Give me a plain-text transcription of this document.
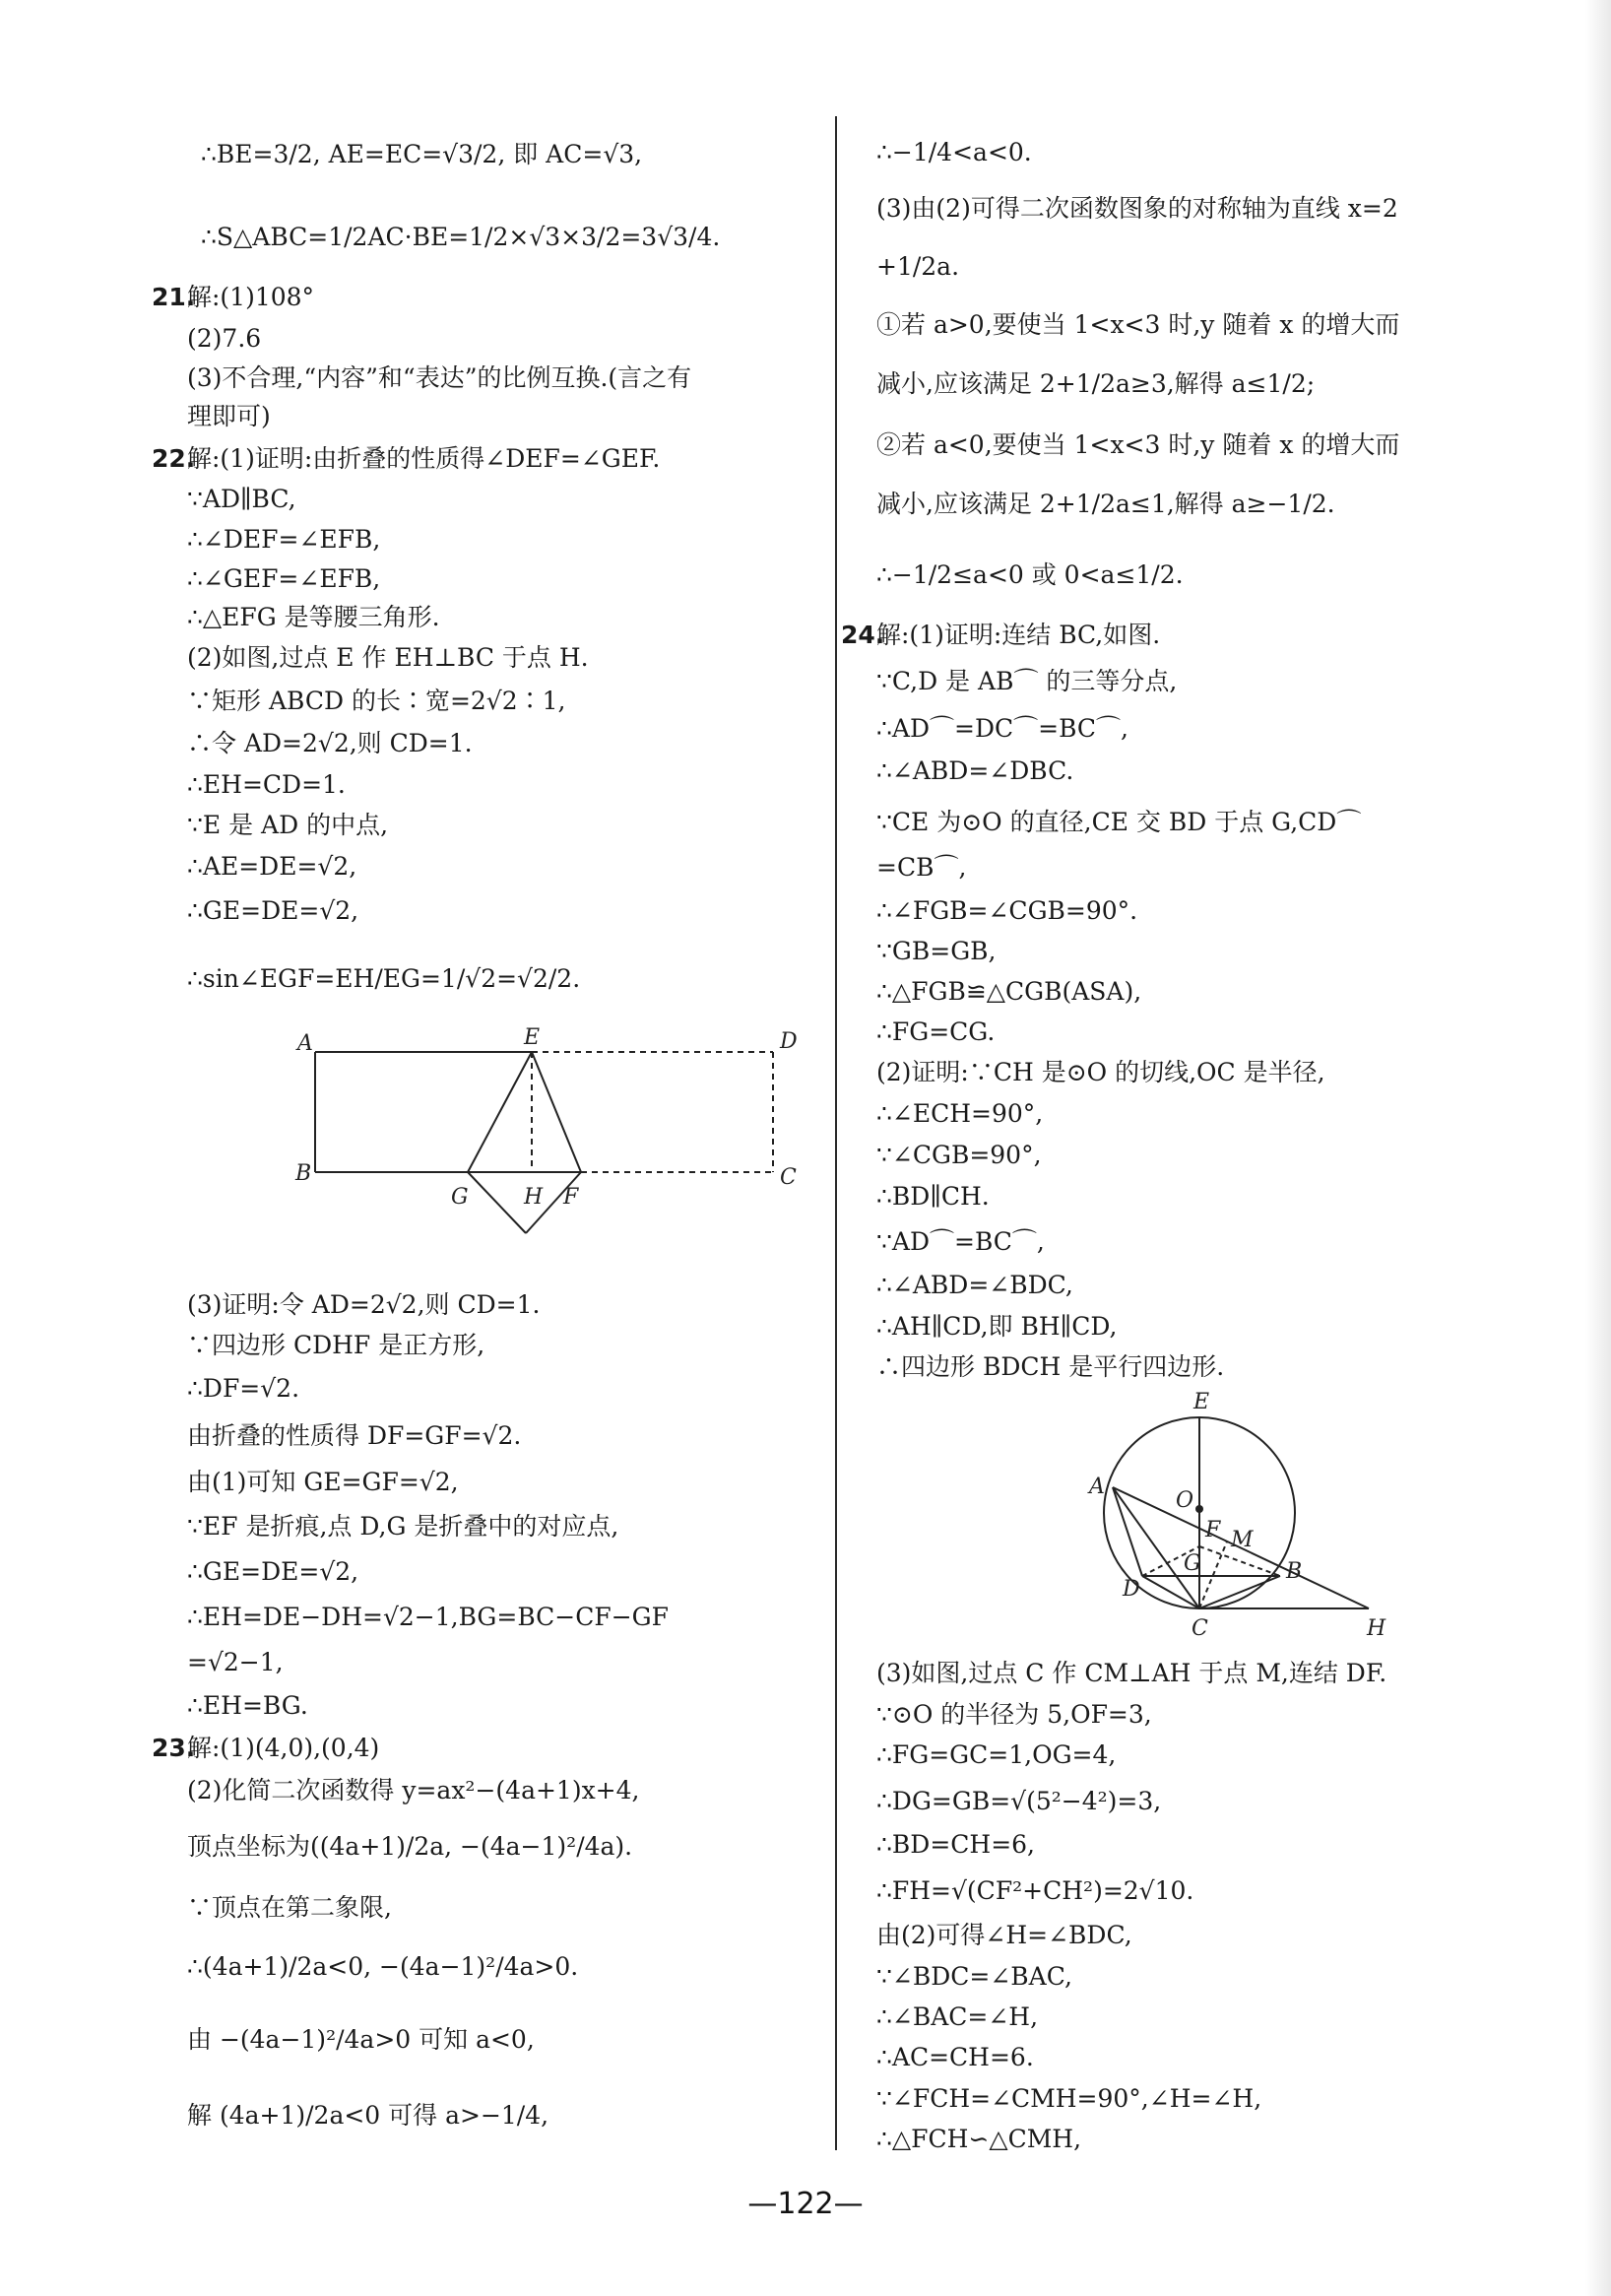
∴BE=3/2, AE=EC=√3/2, 即 AC=√3,
∴S△ABC=1/2AC·BE=1/2×√3×3/2=3√3/4.
21.
解:(1)108°
(2)7.6
(3)不合理,“内容”和“表达”的比例互换.(言之有
理即可)
22.
解:(1)证明:由折叠的性质得∠DEF=∠GEF.
∵AD∥BC,
∴∠DEF=∠EFB,
∴∠GEF=∠EFB,
∴△EFG 是等腰三角形.
(2)如图,过点 E 作 EH⊥BC 于点 H.
∵矩形 ABCD 的长∶宽=2√2∶1,
∴令 AD=2√2,则 CD=1.
∴EH=CD=1.
∵E 是 AD 的中点,
∴AE=DE=√2,
∴GE=DE=√2,
∴sin∠EGF=EH/EG=1/√2=√2/2.
A	E	D
B
G	H F
C
(3)证明:令 AD=2√2,则 CD=1.
∵四边形 CDHF 是正方形,
∴DF=√2.
由折叠的性质得 DF=GF=√2.
由(1)可知 GE=GF=√2,
∵EF 是折痕,点 D,G 是折叠中的对应点,
∴GE=DE=√2,
∴EH=DE−DH=√2−1,BG=BC−CF−GF
=√2−1,
∴EH=BG.
23.
解:(1)(4,0),(0,4)
(2)化简二次函数得 y=ax²−(4a+1)x+4,
顶点坐标为((4a+1)/2a, −(4a−1)²/4a).
∵顶点在第二象限,
∴(4a+1)/2a<0, −(4a−1)²/4a>0.
由 −(4a−1)²/4a>0 可知 a<0,
解 (4a+1)/2a<0 可得 a>−1/4,
∴−1/4<a<0.
(3)由(2)可得二次函数图象的对称轴为直线 x=2
+1/2a.
①若 a>0,要使当 1<x<3 时,y 随着 x 的增大而
减小,应该满足 2+1/2a≥3,解得 a≤1/2;
②若 a<0,要使当 1<x<3 时,y 随着 x 的增大而
减小,应该满足 2+1/2a≤1,解得 a≥−1/2.
∴−1/2≤a<0 或 0<a≤1/2.
24.
解:(1)证明:连结 BC,如图.
∵C,D 是 AB⌒ 的三等分点,
∴AD⌒=DC⌒=BC⌒,
∴∠ABD=∠DBC.
∵CE 为⊙O 的直径,CE 交 BD 于点 G,CD⌒
=CB⌒,
∴∠FGB=∠CGB=90°.
∵GB=GB,
∴△FGB≌△CGB(ASA),
∴FG=CG.
(2)证明:∵CH 是⊙O 的切线,OC 是半径,
∴∠ECH=90°,
∵∠CGB=90°,
∴BD∥CH.
∵AD⌒=BC⌒,
∴∠ABD=∠BDC,
∴AH∥CD,即 BH∥CD,
∴四边形 BDCH 是平行四边形.
E
A
O
F M
G	B
D
C	H
(3)如图,过点 C 作 CM⊥AH 于点 M,连结 DF.
∵⊙O 的半径为 5,OF=3,
∴FG=GC=1,OG=4,
∴DG=GB=√(5²−4²)=3,
∴BD=CH=6,
∴FH=√(CF²+CH²)=2√10.
由(2)可得∠H=∠BDC,
∵∠BDC=∠BAC,
∴∠BAC=∠H,
∴AC=CH=6.
∵∠FCH=∠CMH=90°,∠H=∠H,
∴△FCH∽△CMH,
—122—
